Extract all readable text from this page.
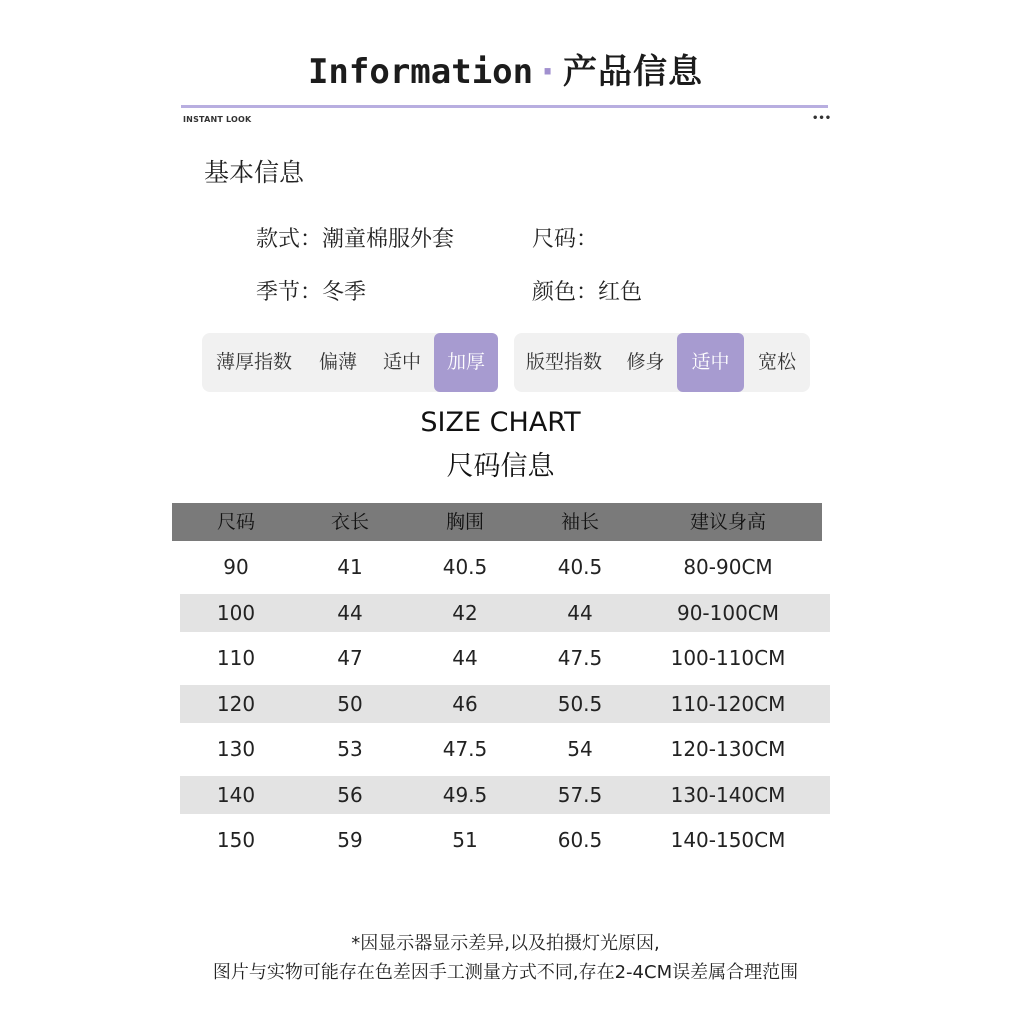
Information · 产品信息
INSTANT LOOK	•••
基本信息
款式：潮童棉服外套	尺码：
季节：冬季	颜色：红色
薄厚指数	偏薄	适中	加厚	版型指数	修身	适中	宽松
SIZE CHART
尺码信息
尺码	衣长	胸围	袖长	建议身高
90	41	40.5	40.5	80-90CM
100	44	42	44	90-100CM
110	47	44	47.5	100-110CM
120	50	46	50.5	110-120CM
130	53	47.5	54	120-130CM
140	56	49.5	57.5	130-140CM
150	59	51	60.5	140-150CM
*因显示器显示差异,以及拍摄灯光原因,
图片与实物可能存在色差因手工测量方式不同,存在2-4CM误差属合理范围
